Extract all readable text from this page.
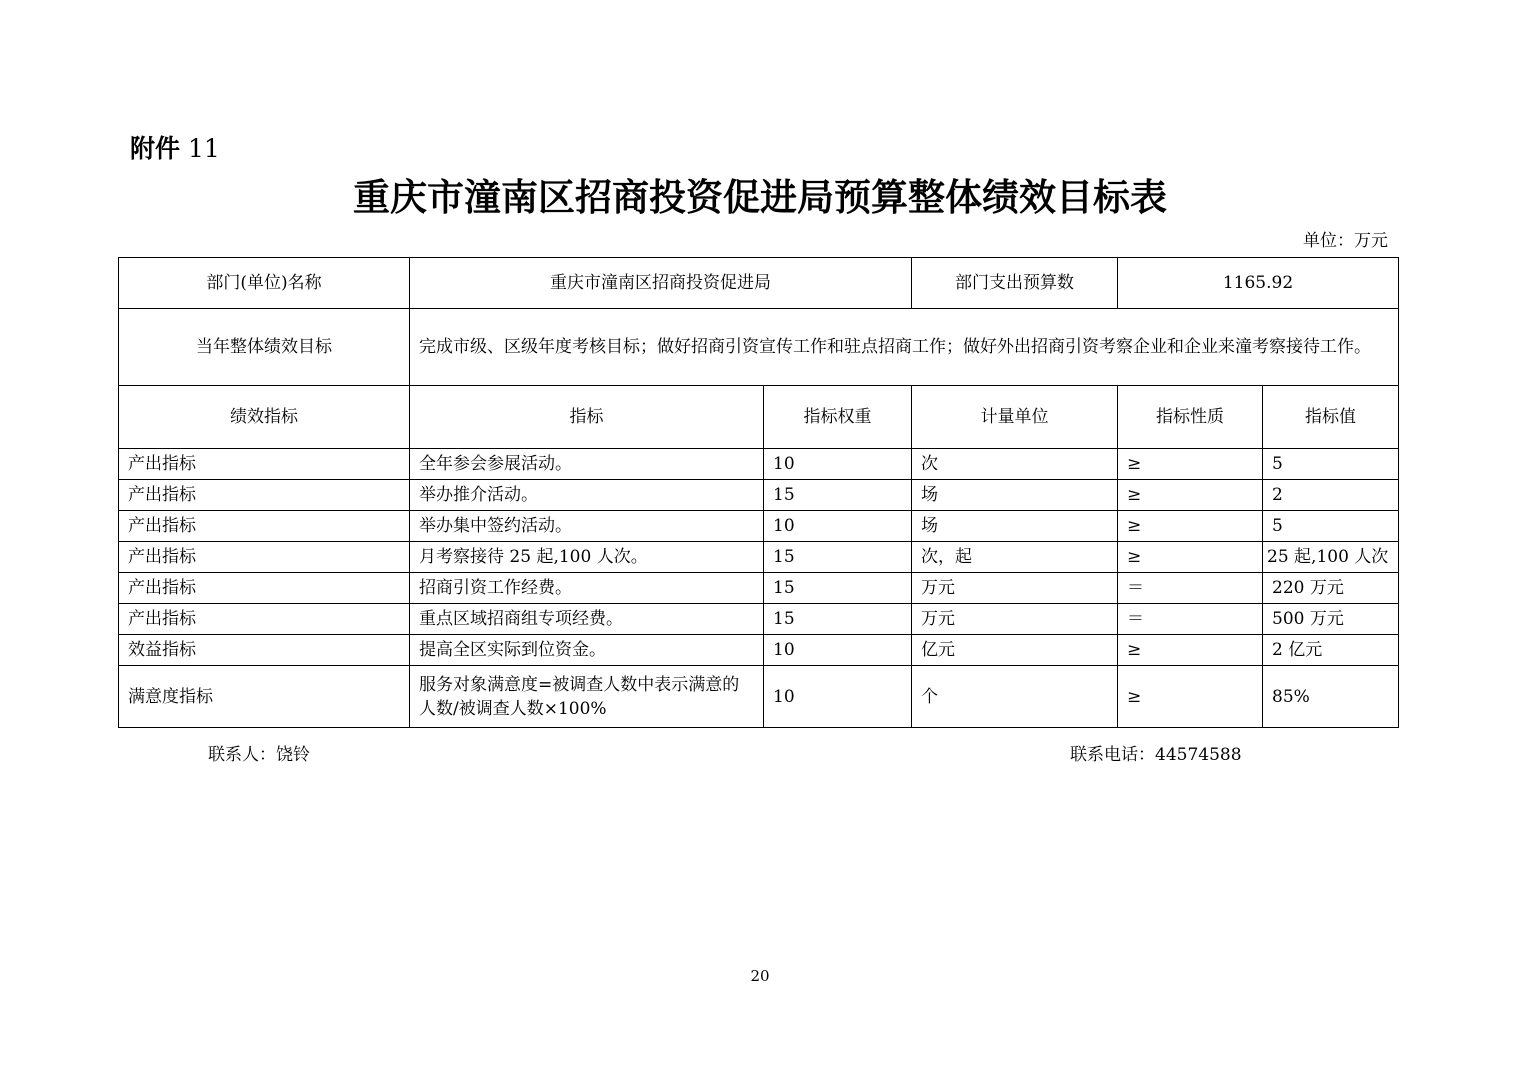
附件 11
重庆市潼南区招商投资促进局预算整体绩效目标表
单位：万元
部门(单位)名称	重庆市潼南区招商投资促进局		部门支出预算数	1165.92	
当年整体绩效目标	完成市级、区级年度考核目标；做好招商引资宣传工作和驻点招商工作；做好外出招商引资考察企业和企业来潼考察接待工作。				
绩效指标	指标	指标权重	计量单位	指标性质	指标值
产出指标	全年参会参展活动。	10	次	≥	5
产出指标	举办推介活动。	15	场	≥	2
产出指标	举办集中签约活动。	10	场	≥	5
产出指标	月考察接待 25 起,100 人次。	15	次，起	≥	25 起,100 人次
产出指标	招商引资工作经费。	15	万元	＝	220 万元
产出指标	重点区域招商组专项经费。	15	万元	＝	500 万元
效益指标	提高全区实际到位资金。	10	亿元	≥	2 亿元
满意度指标	服务对象满意度=被调查人数中表示满意的人数/被调查人数×100%	10	个	≥	85%
联系人：饶铃	联系电话：44574588
20
